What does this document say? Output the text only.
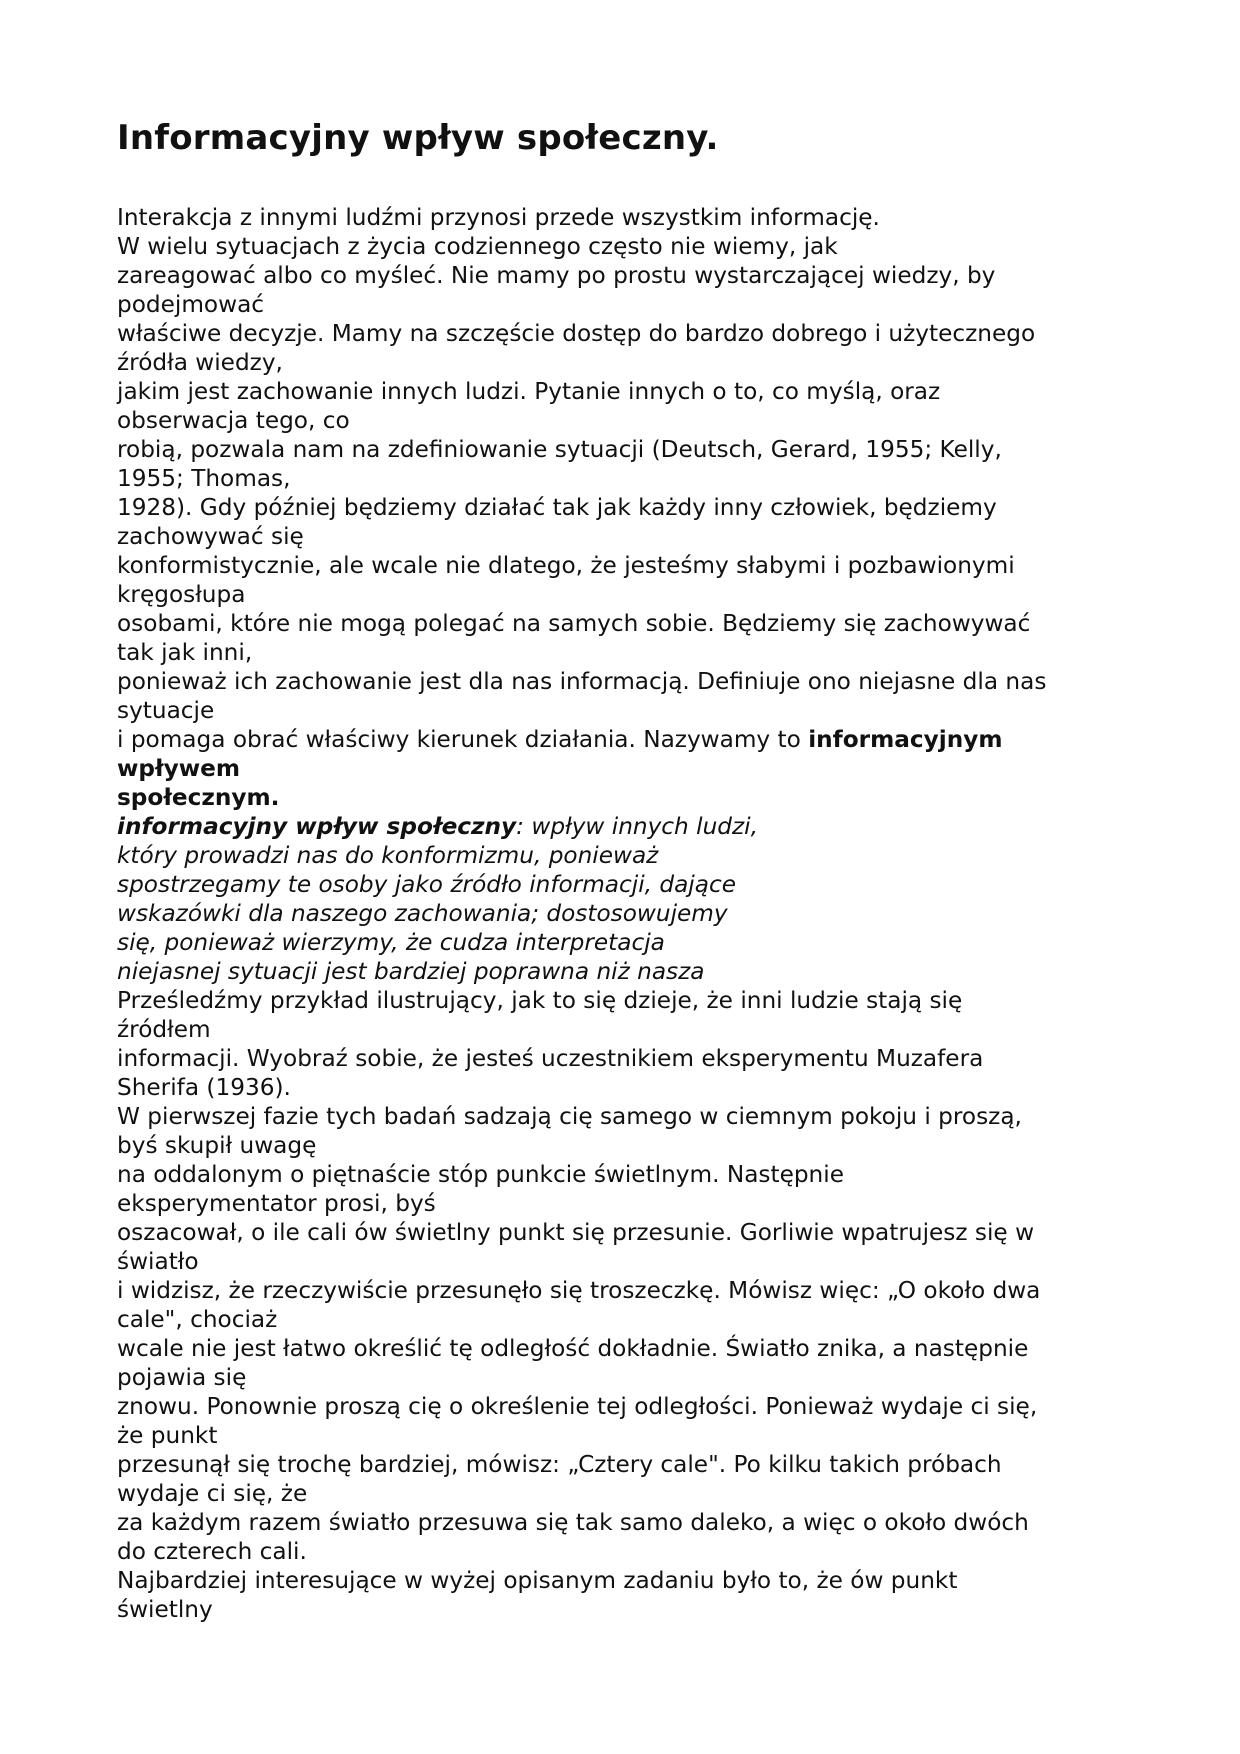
Informacyjny wpływ społeczny.
Interakcja z innymi ludźmi przynosi przede wszystkim informację.
W wielu sytuacjach z życia codziennego często nie wiemy, jak
zareagować albo co myśleć. Nie mamy po prostu wystarczającej wiedzy, by
podejmować
właściwe decyzje. Mamy na szczęście dostęp do bardzo dobrego i użytecznego
źródła wiedzy,
jakim jest zachowanie innych ludzi. Pytanie innych o to, co myślą, oraz
obserwacja tego, co
robią, pozwala nam na zdefiniowanie sytuacji (Deutsch, Gerard, 1955; Kelly,
1955; Thomas,
1928). Gdy później będziemy działać tak jak każdy inny człowiek, będziemy
zachowywać się
konformistycznie, ale wcale nie dlatego, że jesteśmy słabymi i pozbawionymi
kręgosłupa
osobami, które nie mogą polegać na samych sobie. Będziemy się zachowywać
tak jak inni,
ponieważ ich zachowanie jest dla nas informacją. Definiuje ono niejasne dla nas
sytuacje
i pomaga obrać właściwy kierunek działania. Nazywamy to informacyjnym
wpływem
społecznym.
informacyjny wpływ społeczny: wpływ innych ludzi,
który prowadzi nas do konformizmu, ponieważ
spostrzegamy te osoby jako źródło informacji, dające
wskazówki dla naszego zachowania; dostosowujemy
się, ponieważ wierzymy, że cudza interpretacja
niejasnej sytuacji jest bardziej poprawna niż nasza
Prześledźmy przykład ilustrujący, jak to się dzieje, że inni ludzie stają się
źródłem
informacji. Wyobraź sobie, że jesteś uczestnikiem eksperymentu Muzafera
Sherifa (1936).
W pierwszej fazie tych badań sadzają cię samego w ciemnym pokoju i proszą,
byś skupił uwagę
na oddalonym o piętnaście stóp punkcie świetlnym. Następnie
eksperymentator prosi, byś
oszacował, o ile cali ów świetlny punkt się przesunie. Gorliwie wpatrujesz się w
światło
i widzisz, że rzeczywiście przesunęło się troszeczkę. Mówisz więc: „O około dwa
cale", chociaż
wcale nie jest łatwo określić tę odległość dokładnie. Światło znika, a następnie
pojawia się
znowu. Ponownie proszą cię o określenie tej odległości. Ponieważ wydaje ci się,
że punkt
przesunął się trochę bardziej, mówisz: „Cztery cale". Po kilku takich próbach
wydaje ci się, że
za każdym razem światło przesuwa się tak samo daleko, a więc o około dwóch
do czterech cali.
Najbardziej interesujące w wyżej opisanym zadaniu było to, że ów punkt
świetlny
